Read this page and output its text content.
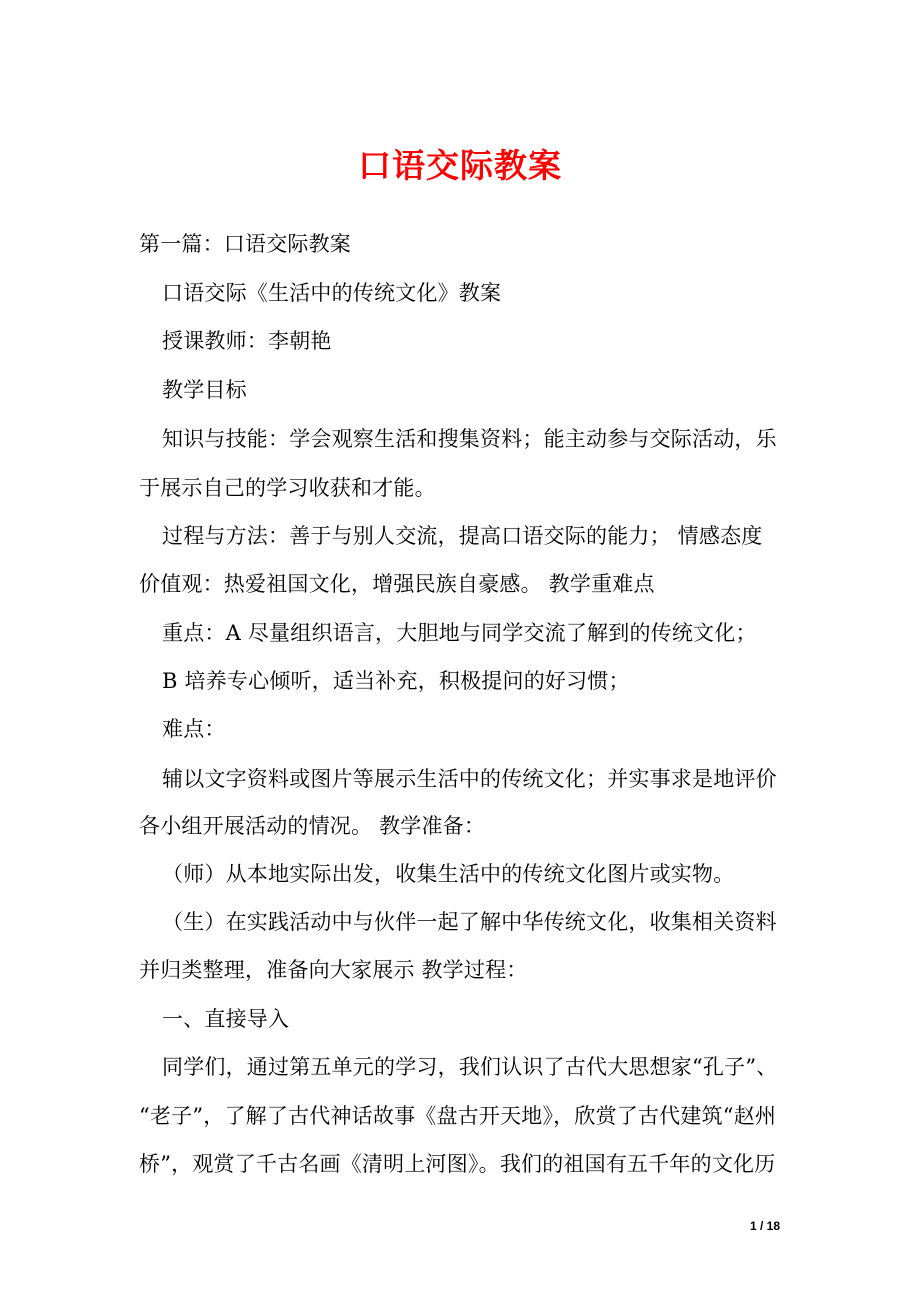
口语交际教案
第一篇：口语交际教案
口语交际《生活中的传统文化》教案
授课教师：李朝艳
教学目标
知识与技能：学会观察生活和搜集资料；能主动参与交际活动，乐
于展示自己的学习收获和才能。
过程与方法：善于与别人交流，提高口语交际的能力； 情感态度
价值观：热爱祖国文化，增强民族自豪感。 教学重难点
重点：A 尽量组织语言，大胆地与同学交流了解到的传统文化；
B 培养专心倾听，适当补充，积极提问的好习惯；
难点：
辅以文字资料或图片等展示生活中的传统文化；并实事求是地评价
各小组开展活动的情况。 教学准备：
（师）从本地实际出发，收集生活中的传统文化图片或实物。
（生）在实践活动中与伙伴一起了解中华传统文化，收集相关资料
并归类整理，准备向大家展示 教学过程：
一、直接导入
同学们，通过第五单元的学习，我们认识了古代大思想家“孔子”、
“老子”，了解了古代神话故事《盘古开天地》，欣赏了古代建筑“赵州
桥”，观赏了千古名画《清明上河图》。我们的祖国有五千年的文化历
1 / 18
